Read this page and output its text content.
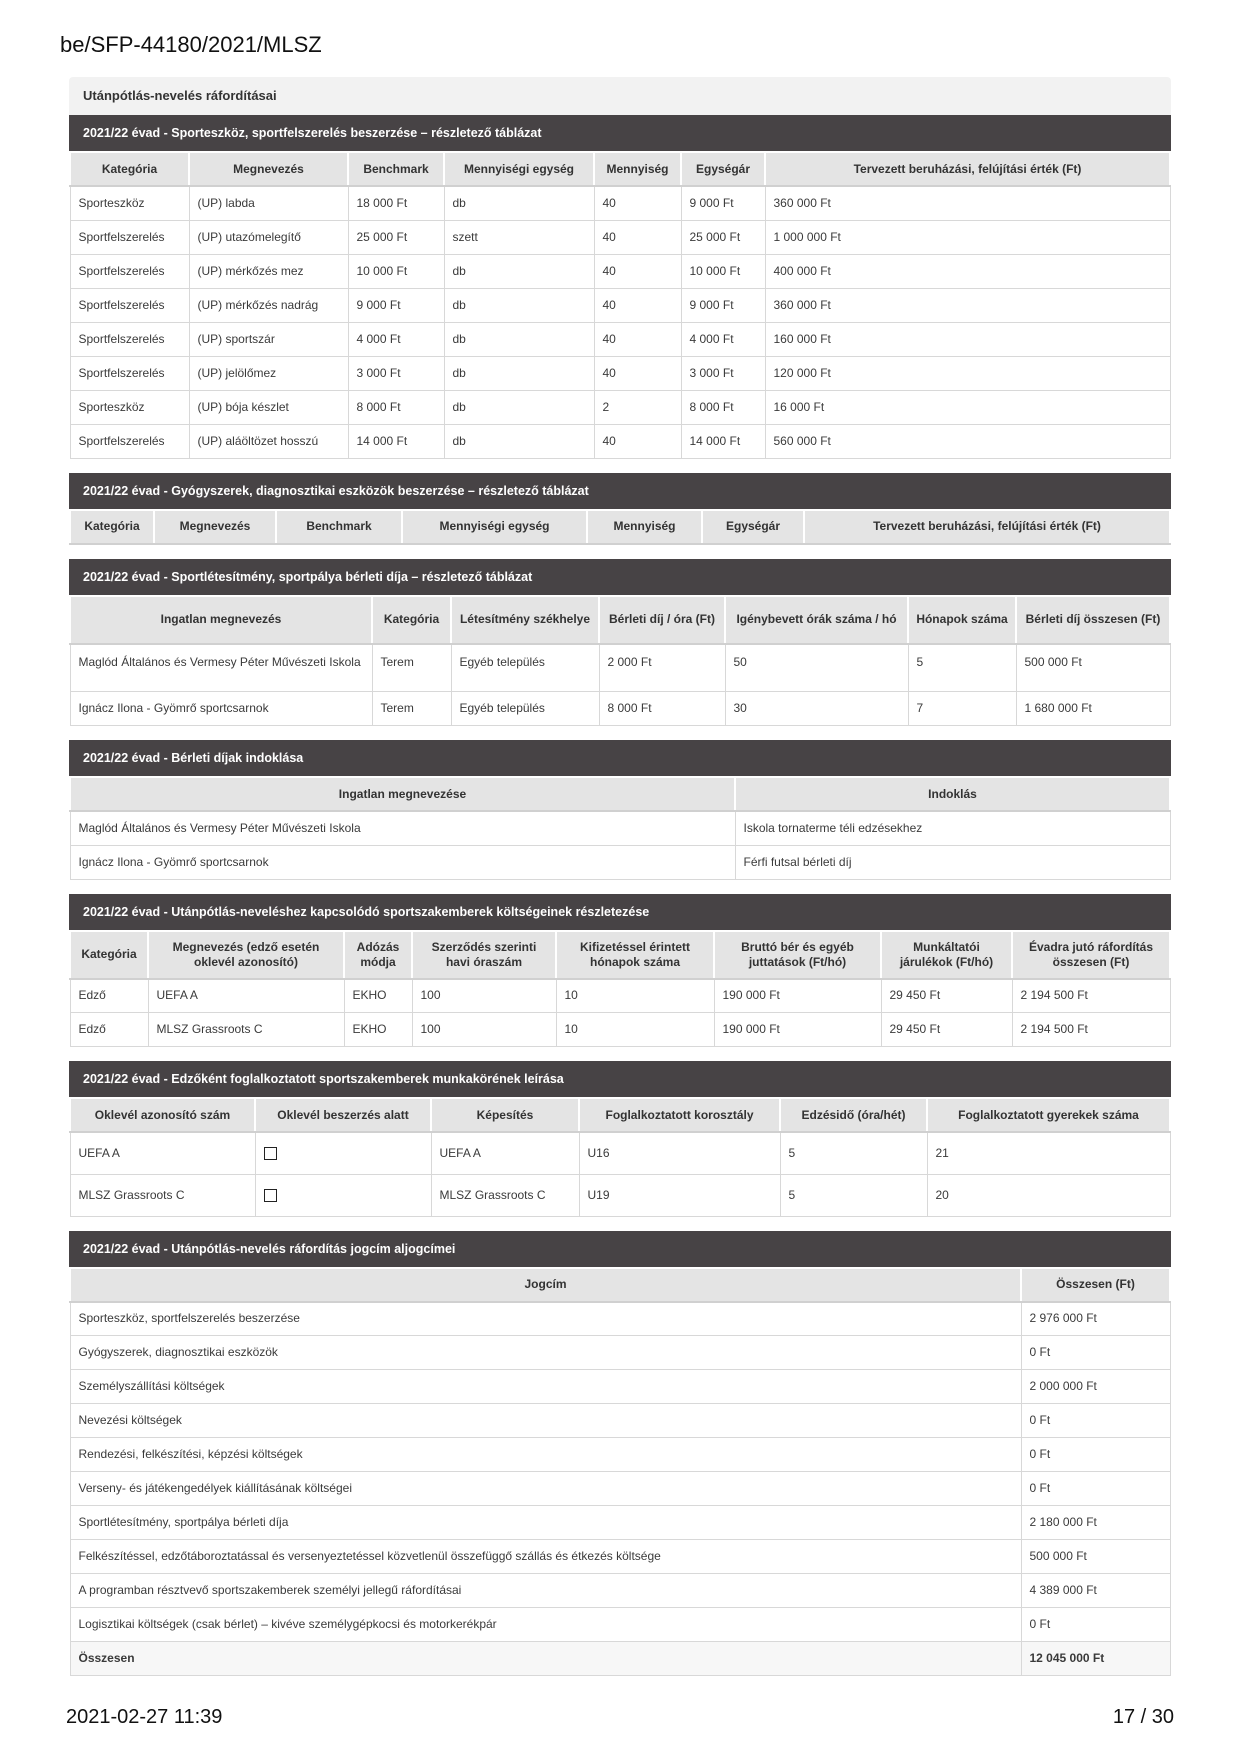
be/SFP-44180/2021/MLSZ
Utánpótlás-nevelés ráfordításai
2021/22 évad - Sporteszköz, sportfelszerelés beszerzése – részletező táblázat
Kategória	Megnevezés	Benchmark	Mennyiségi egység	Mennyiség	Egységár	Tervezett beruházási, felújítási érték (Ft)
Sporteszköz	(UP) labda	18 000 Ft	db	40	9 000 Ft	360 000 Ft
Sportfelszerelés	(UP) utazómelegítő	25 000 Ft	szett	40	25 000 Ft	1 000 000 Ft
Sportfelszerelés	(UP) mérkőzés mez	10 000 Ft	db	40	10 000 Ft	400 000 Ft
Sportfelszerelés	(UP) mérkőzés nadrág	9 000 Ft	db	40	9 000 Ft	360 000 Ft
Sportfelszerelés	(UP) sportszár	4 000 Ft	db	40	4 000 Ft	160 000 Ft
Sportfelszerelés	(UP) jelölőmez	3 000 Ft	db	40	3 000 Ft	120 000 Ft
Sporteszköz	(UP) bója készlet	8 000 Ft	db	2	8 000 Ft	16 000 Ft
Sportfelszerelés	(UP) aláöltözet hosszú	14 000 Ft	db	40	14 000 Ft	560 000 Ft
2021/22 évad - Gyógyszerek, diagnosztikai eszközök beszerzése – részletező táblázat
Kategória	Megnevezés	Benchmark	Mennyiségi egység	Mennyiség	Egységár	Tervezett beruházási, felújítási érték (Ft)
2021/22 évad - Sportlétesítmény, sportpálya bérleti díja – részletező táblázat
Ingatlan megnevezés	Kategória	Létesítmény székhelye	Bérleti díj / óra (Ft)	Igénybevett órák száma / hó	Hónapok száma	Bérleti díj összesen (Ft)
Maglód Általános és Vermesy Péter Művészeti Iskola	Terem	Egyéb település	2 000 Ft	50	5	500 000 Ft
Ignácz Ilona - Gyömrő sportcsarnok	Terem	Egyéb település	8 000 Ft	30	7	1 680 000 Ft
2021/22 évad - Bérleti díjak indoklása
Ingatlan megnevezése	Indoklás
Maglód Általános és Vermesy Péter Művészeti Iskola	Iskola tornaterme téli edzésekhez
Ignácz Ilona - Gyömrő sportcsarnok	Férfi futsal bérleti díj
2021/22 évad - Utánpótlás-neveléshez kapcsolódó sportszakemberek költségeinek részletezése
Kategória	Megnevezés (edző esetén oklevél azonosító)	Adózás módja	Szerződés szerinti havi óraszám	Kifizetéssel érintett hónapok száma	Bruttó bér és egyéb juttatások (Ft/hó)	Munkáltatói járulékok (Ft/hó)	Évadra jutó ráfordítás összesen (Ft)
Edző	UEFA A	EKHO	100	10	190 000 Ft	29 450 Ft	2 194 500 Ft
Edző	MLSZ Grassroots C	EKHO	100	10	190 000 Ft	29 450 Ft	2 194 500 Ft
2021/22 évad - Edzőként foglalkoztatott sportszakemberek munkakörének leírása
Oklevél azonosító szám	Oklevél beszerzés alatt	Képesítés	Foglalkoztatott korosztály	Edzésidő (óra/hét)	Foglalkoztatott gyerekek száma
UEFA A		UEFA A	U16	5	21
MLSZ Grassroots C		MLSZ Grassroots C	U19	5	20
2021/22 évad - Utánpótlás-nevelés ráfordítás jogcím aljogcímei
Jogcím	Összesen (Ft)
Sporteszköz, sportfelszerelés beszerzése	2 976 000 Ft
Gyógyszerek, diagnosztikai eszközök	0 Ft
Személyszállítási költségek	2 000 000 Ft
Nevezési költségek	0 Ft
Rendezési, felkészítési, képzési költségek	0 Ft
Verseny- és játékengedélyek kiállításának költségei	0 Ft
Sportlétesítmény, sportpálya bérleti díja	2 180 000 Ft
Felkészítéssel, edzőtáboroztatással és versenyeztetéssel közvetlenül összefüggő szállás és étkezés költsége	500 000 Ft
A programban résztvevő sportszakemberek személyi jellegű ráfordításai	4 389 000 Ft
Logisztikai költségek (csak bérlet) – kivéve személygépkocsi és motorkerékpár	0 Ft
Összesen	12 045 000 Ft
2021-02-27 11:39	17 / 30
